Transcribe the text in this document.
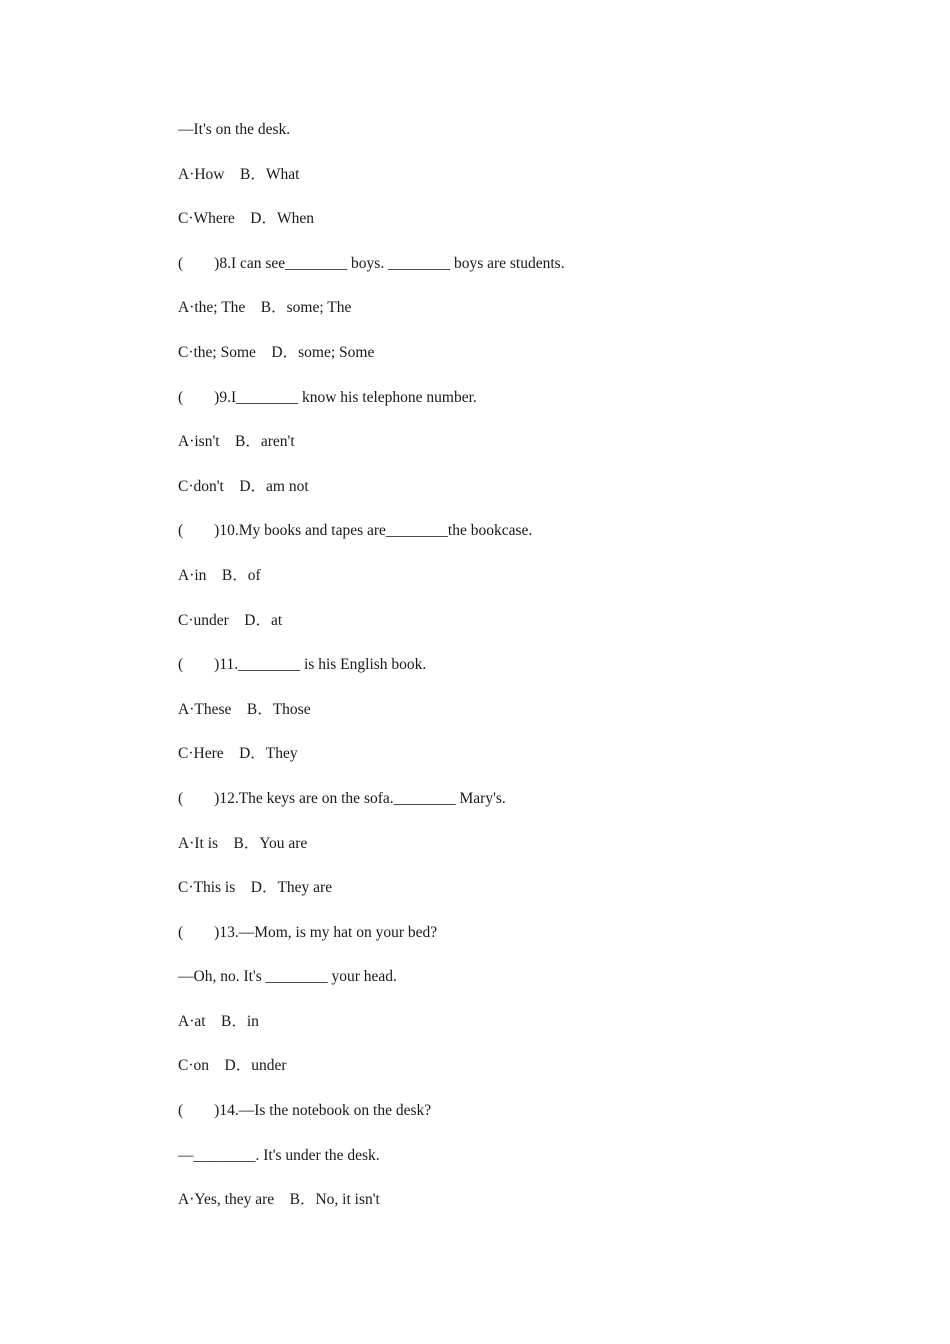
—It's on the desk.
A·How　B．What
C·Where　D．When
(　　)8.I can see________ boys. ________ boys are students.
A·the; The　B．some; The
C·the; Some　D．some; Some
(　　)9.I________ know his telephone number.
A·isn't　B．aren't
C·don't　D．am not
(　　)10.My books and tapes are________the bookcase.
A·in　B．of
C·under　D．at
(　　)11.________ is his English book.
A·These　B．Those
C·Here　D．They
(　　)12.The keys are on the sofa.________ Mary's.
A·It is　B．You are
C·This is　D．They are
(　　)13.—Mom, is my hat on your bed?
—Oh, no. It's ________ your head.
A·at　B．in
C·on　D．under
(　　)14.—Is the notebook on the desk?
—________. It's under the desk.
A·Yes, they are　B．No, it isn't
